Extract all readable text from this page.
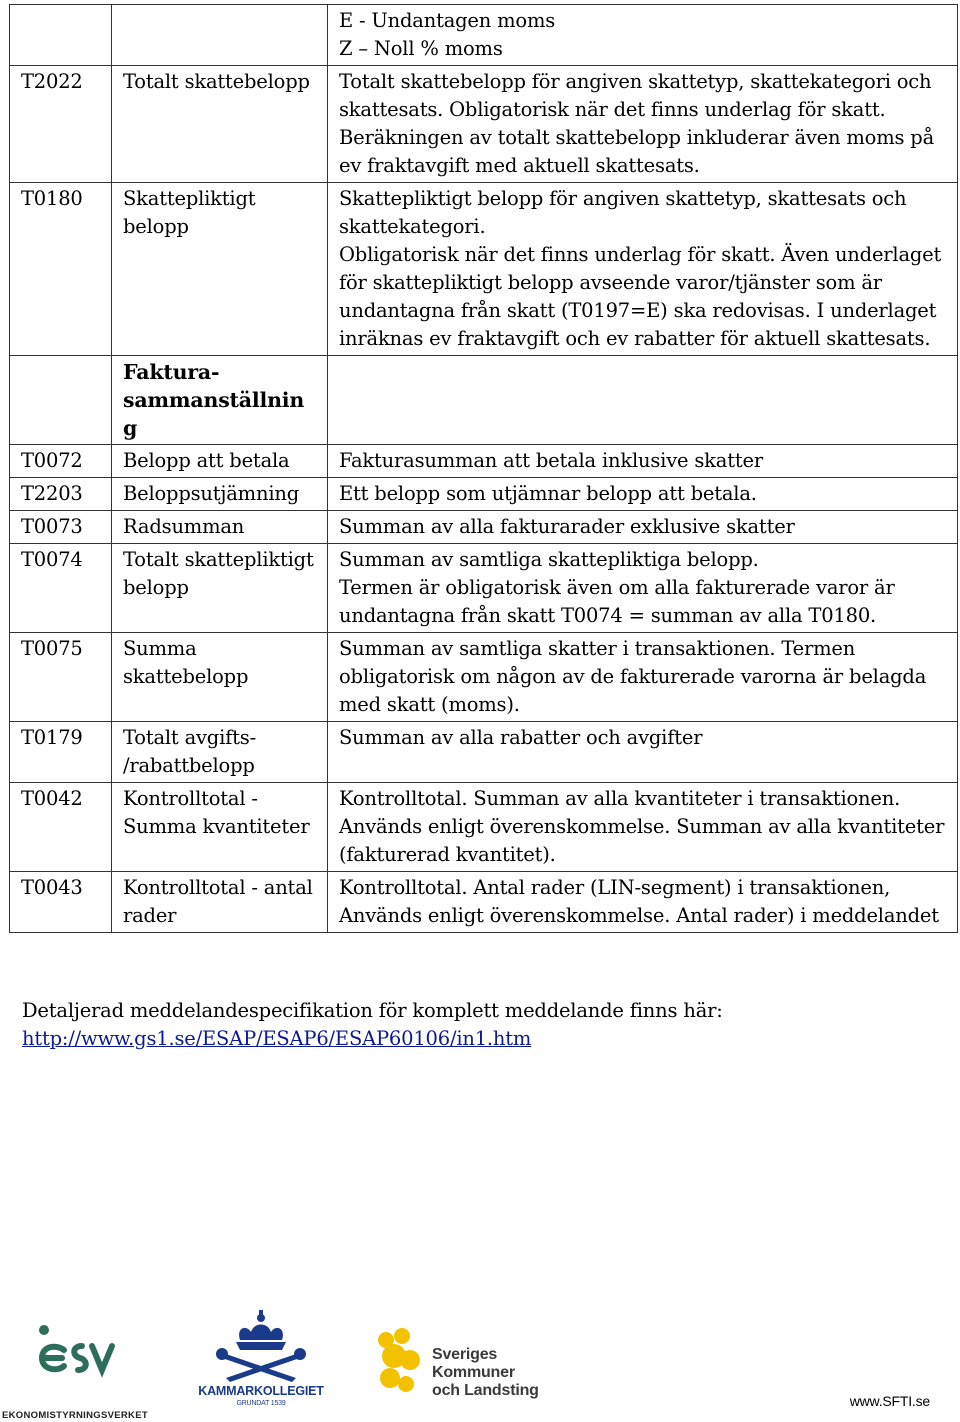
		E - Undantagen moms
Z – Noll % moms

T2022	Totalt skattebelopp	Totalt skattebelopp för angiven skattetyp, skattekategori och skattesats. Obligatorisk när det finns underlag för skatt. Beräkningen av totalt skattebelopp inkluderar även moms på ev fraktavgift med aktuell skattesats.

T0180	Skattepliktigt belopp	Skattepliktigt belopp för angiven skattetyp, skattesats och skattekategori.
Obligatorisk när det finns underlag för skatt. Även underlaget för skattepliktigt belopp avseende varor/tjänster som är undantagna från skatt (T0197=E) ska redovisas. I underlaget inräknas ev fraktavgift och ev rabatter för aktuell skattesats.

	Faktura-sammanställnin g	
T0072	Belopp att betala	Fakturasumman att betala inklusive skatter

T2203	Beloppsutjämning	Ett belopp som utjämnar belopp att betala.

T0073	Radsumman	Summan av alla fakturarader exklusive skatter

T0074	Totalt skattepliktigt belopp	Summan av samtliga skattepliktiga belopp.
Termen är obligatorisk även om alla fakturerade varor är undantagna från skatt T0074 = summan av alla T0180.

T0075	Summa skattebelopp	Summan av samtliga skatter i transaktionen. Termen obligatorisk om någon av de fakturerade varorna är belagda med skatt (moms).

T0179	Totalt avgifts- /rabattbelopp	Summan av alla rabatter och avgifter

T0042	Kontrolltotal - Summa kvantiteter	Kontrolltotal. Summan av alla kvantiteter i transaktionen. Används enligt överenskommelse. Summan av alla kvantiteter (fakturerad kvantitet).

T0043	Kontrolltotal - antal rader	Kontrolltotal. Antal rader (LIN-segment) i transaktionen,
Används enligt överenskommelse. Antal rader) i meddelandet
Detaljerad meddelandespecifikation för komplett meddelande finns här:
http://www.gs1.se/ESAP/ESAP6/ESAP60106/in1.htm
EKONOMISTYRNINGSVERKET
KAMMARKOLLEGIET
GRUNDAT 1539
Sveriges
Kommuner
och Landsting
www.SFTI.se
